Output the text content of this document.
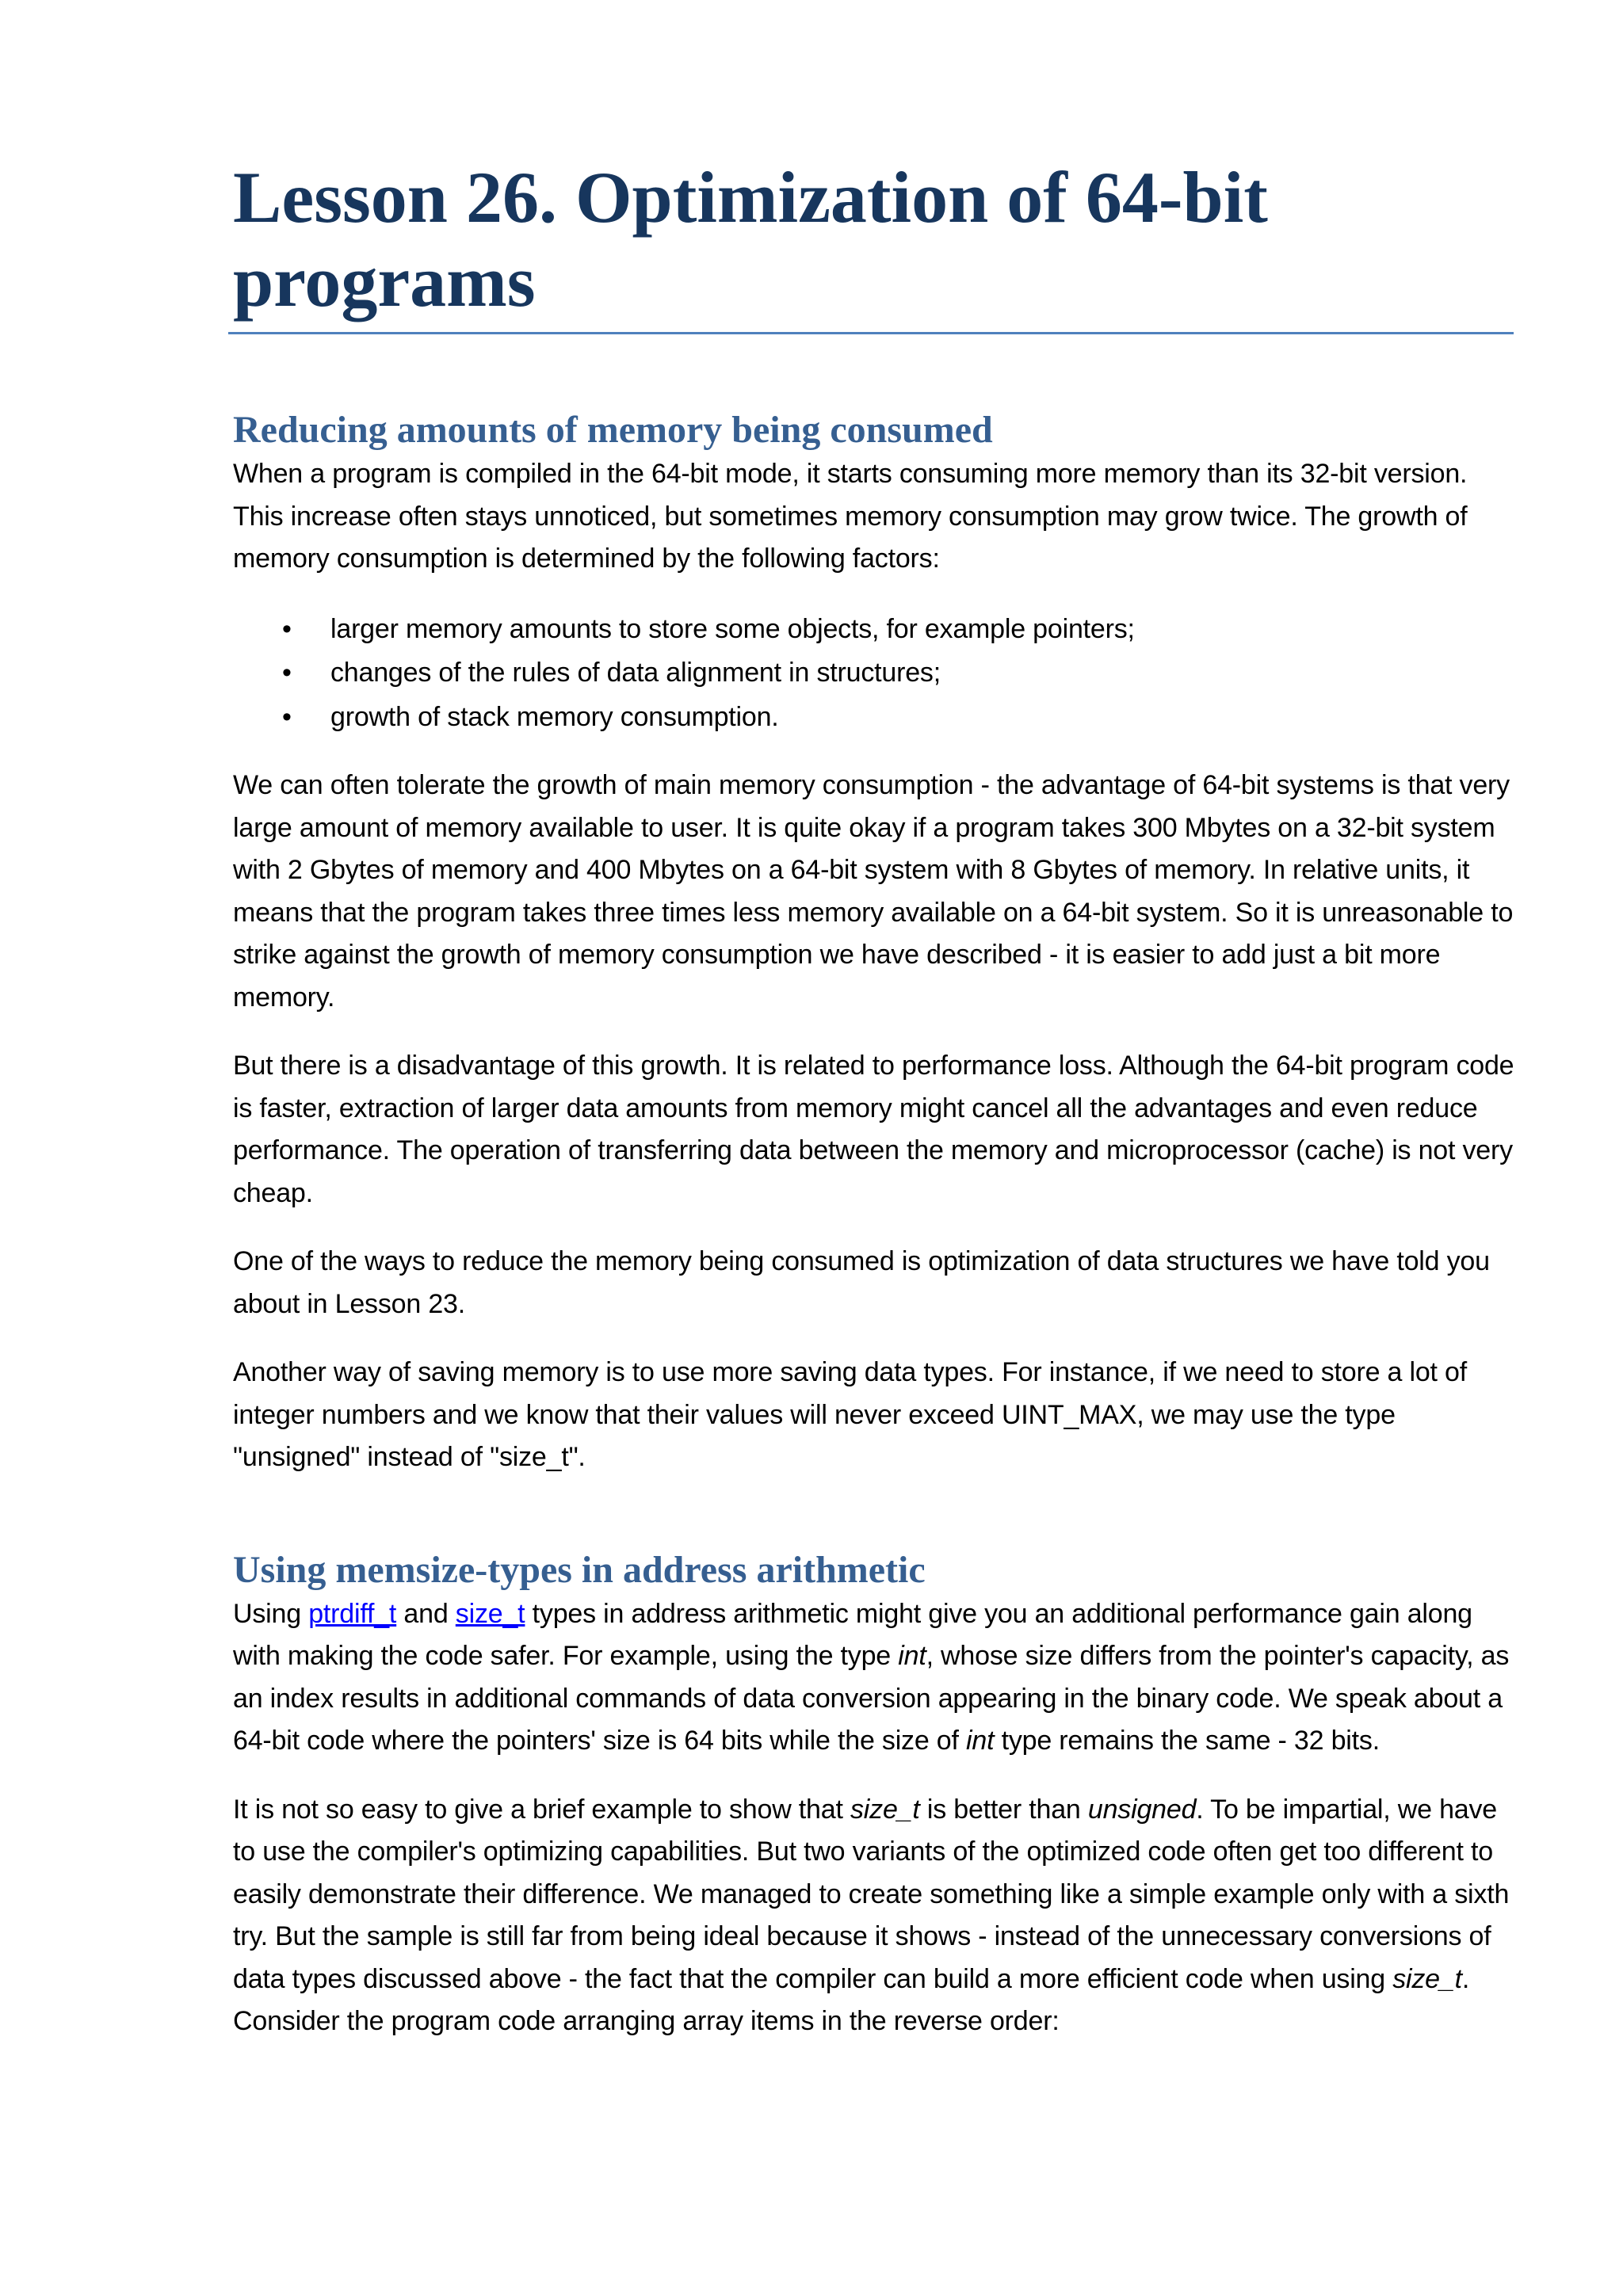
Lesson 26. Optimization of 64-bit programs
Reducing amounts of memory being consumed

When a program is compiled in the 64-bit mode, it starts consuming more memory than its 32-bit version. This increase often stays unnoticed, but sometimes memory consumption may grow twice. The growth of memory consumption is determined by the following factors:

• larger memory amounts to store some objects, for example pointers;
• changes of the rules of data alignment in structures;
• growth of stack memory consumption.

We can often tolerate the growth of main memory consumption - the advantage of 64-bit systems is that very large amount of memory available to user. It is quite okay if a program takes 300 Mbytes on a 32-bit system with 2 Gbytes of memory and 400 Mbytes on a 64-bit system with 8 Gbytes of memory. In relative units, it means that the program takes three times less memory available on a 64-bit system. So it is unreasonable to strike against the growth of memory consumption we have described - it is easier to add just a bit more memory.

But there is a disadvantage of this growth. It is related to performance loss. Although the 64-bit program code is faster, extraction of larger data amounts from memory might cancel all the advantages and even reduce performance. The operation of transferring data between the memory and microprocessor (cache) is not very cheap.

One of the ways to reduce the memory being consumed is optimization of data structures we have told you about in Lesson 23.

Another way of saving memory is to use more saving data types. For instance, if we need to store a lot of integer numbers and we know that their values will never exceed UINT_MAX, we may use the type "unsigned" instead of "size_t".

Using memsize-types in address arithmetic

Using ptrdiff_t and size_t types in address arithmetic might give you an additional performance gain along with making the code safer. For example, using the type int, whose size differs from the pointer's capacity, as an index results in additional commands of data conversion appearing in the binary code. We speak about a 64-bit code where the pointers' size is 64 bits while the size of int type remains the same - 32 bits.

It is not so easy to give a brief example to show that size_t is better than unsigned. To be impartial, we have to use the compiler's optimizing capabilities. But two variants of the optimized code often get too different to easily demonstrate their difference. We managed to create something like a simple example only with a sixth try. But the sample is still far from being ideal because it shows - instead of the unnecessary conversions of data types discussed above - the fact that the compiler can build a more efficient code when using size_t. Consider the program code arranging array items in the reverse order:
